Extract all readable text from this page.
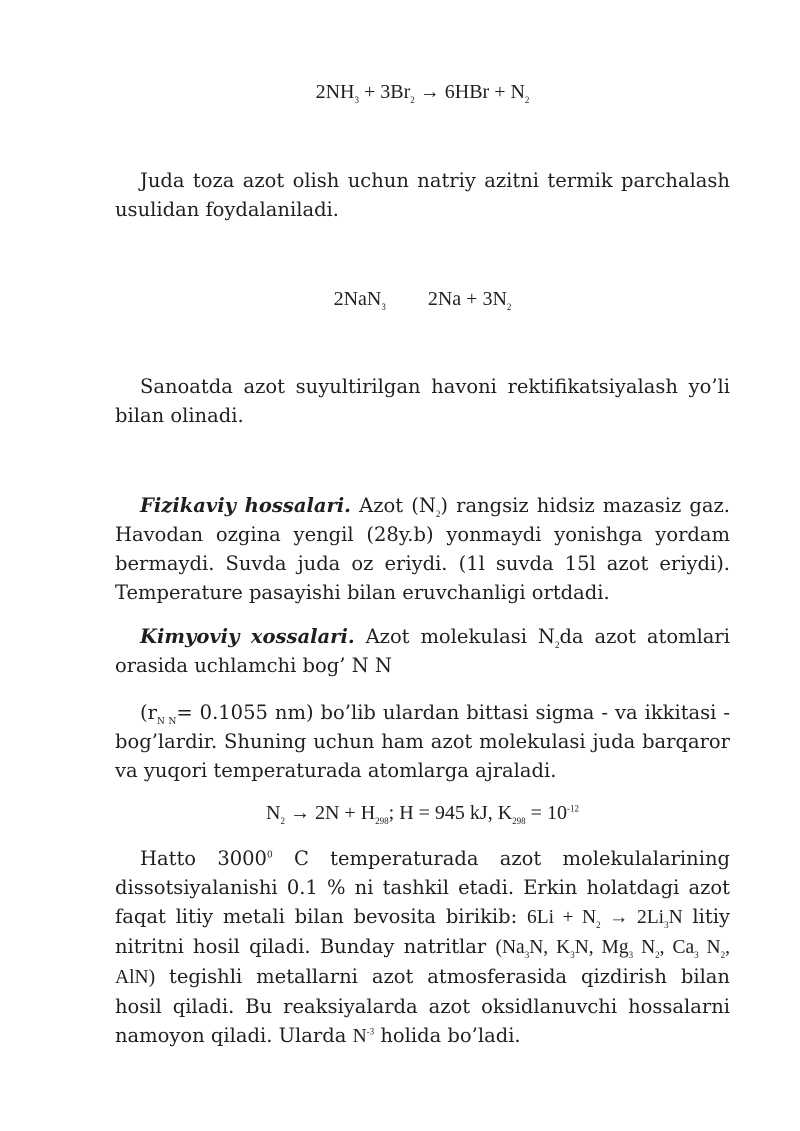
$2NH_3 + 3Br_2 \to 6HBr + N_2$

Juda toza azot olish uchun natriy azitni termik parchalash usulidan foydalaniladi.

2NaN$_3$ $2Na + 3N_2$

Sanoatda azot suyultirilgan havoni rektifikatsiyalash yo’li bilan olinadi.

Fizikaviy hossalari. Azot $(N_2)$ rangsiz hidsiz mazasiz gaz. Havodan ozgina yengil (28y.b) yonmaydi yonishga yordam bermaydi. Suvda juda oz eriydi. (1l suvda 15l azot eriydi). Temperature pasayishi bilan eruvchanligi ortdadi.

Kimyoviy xossalari. Azot molekulasi $N_2da$ azot atomlari orasida uchlamchi bog’ N N

($r_{N N}= 0.1055$ nm) bo’lib ulardan bittasi sigma - va ikkitasi - bog’lardir. Shuning uchun ham azot molekulasi juda barqaror va yuqori temperaturada atomlarga ajraladi.

$N_2 \to 2N + H_{298}$; H = 945 kJ, $K_{298} = 10^{-12}$

Hatto 3000$^0$ C temperaturada azot molekulalarining dissotsiyalanishi 0.1 % ni tashkil etadi. Erkin holatdagi azot faqat litiy metali bilan bevosita birikib: $6Li + N_2 \to 2Li_3N$ litiy nitritni hosil qiladi. Bunday natritlar ($Na_3N$, $K_3N$, $Mg_3$ $N_2$, $Ca_3$ $N_2$, AlN) tegishli metallarni azot atmosferasida qizdirish bilan hosil qiladi. Bu reaksiyalarda azot oksidlanuvchi hossalarni namoyon qiladi. Ularda $N^{-3}$ holida bo’ladi.
